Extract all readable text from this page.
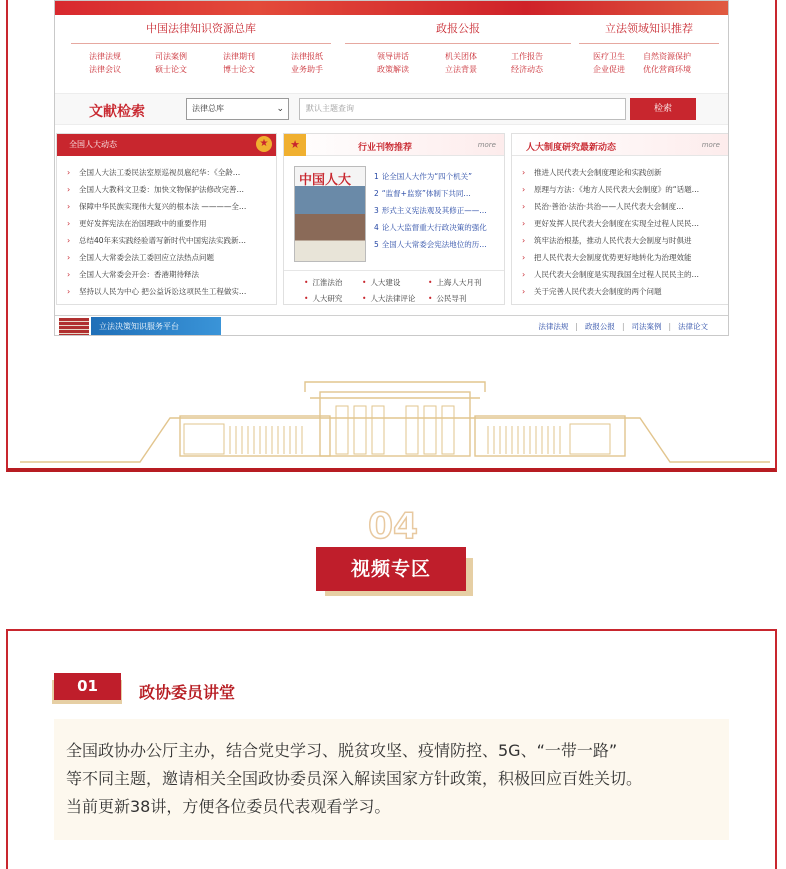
中国法律知识资源总库
法律法规	司法案例	法律期刊	法律报纸
法律会议	硕士论文	博士论文	业务助手
政报公报
领导讲话	机关团体	工作报告
政策解读	立法背景	经济动态
立法领域知识推荐
医疗卫生 自然资源保护
企业促进 优化营商环境
文献检索	法律总库	⌄	默认主题查询	检索
全国人大动态	★
› 全国人大法工委民法室原巡视员扈纪华：《全龄…
› 全国人大教科文卫委：加快文物保护法修改完善…
› 保障中华民族实现伟大复兴的根本法 ————全…
› 更好发挥宪法在治国理政中的重要作用
› 总结40年来实践经验谱写新时代中国宪法实践新…
› 全国人大常委会法工委回应立法热点问题
› 全国人大常委会开会：香港期待释法
› 坚持以人民为中心 把公益诉讼这项民生工程做实…
★	行业刊物推荐	more
中国人大	1 论全国人大作为“四个机关”
2 “监督+监察”体制下共同…
3 形式主义宪法观及其修正——…
4 论人大监督重大行政决策的强化
5 全国人大常委会宪法地位的历…
• 江淮法治	• 人大建设	• 上海人大月刊
• 人大研究	• 人大法律评论	• 公民导刊
人大制度研究最新动态	more
› 推进人民代表大会制度理论和实践创新
› 原理与方法：《地方人民代表大会制度》的“话题…
› 民治·善治·法治·共治——人民代表大会制度…
› 更好发挥人民代表大会制度在实现全过程人民民…
› 筑牢法治根基，推动人民代表大会制度与时俱进
› 把人民代表大会制度优势更好地转化为治理效能
› 人民代表大会制度是实现我国全过程人民民主的…
› 关于完善人民代表大会制度的两个问题
立法决策知识服务平台	法律法规 | 政报公报 | 司法案例 | 法律论文
04
视频专区
01	政协委员讲堂
全国政协办公厅主办，结合党史学习、脱贫攻坚、疫情防控、5G、“一带一路”
等不同主题，邀请相关全国政协委员深入解读国家方针政策，积极回应百姓关切。
当前更新38讲，方便各位委员代表观看学习。
